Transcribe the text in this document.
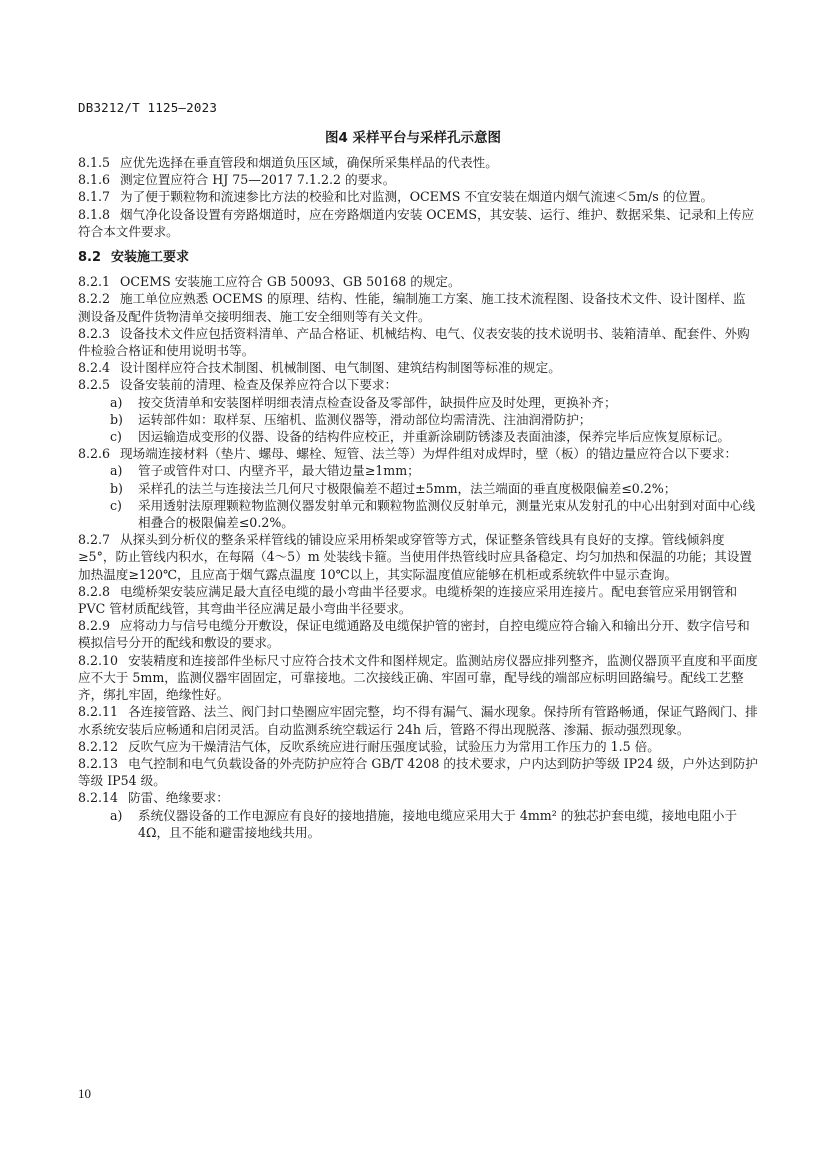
DB3212/T 1125—2023
图4 采样平台与采样孔示意图

8.1.5 应优先选择在垂直管段和烟道负压区域，确保所采集样品的代表性。

8.1.6 测定位置应符合 HJ 75—2017 7.1.2.2 的要求。

8.1.7 为了便于颗粒物和流速参比方法的校验和比对监测，OCEMS 不宜安装在烟道内烟气流速＜5m/s 的位置。

8.1.8 烟气净化设备设置有旁路烟道时，应在旁路烟道内安装 OCEMS，其安装、运行、维护、数据采集、记录和上传应符合本文件要求。

8.2 安装施工要求

8.2.1 OCEMS 安装施工应符合 GB 50093、GB 50168 的规定。

8.2.2 施工单位应熟悉 OCEMS 的原理、结构、性能，编制施工方案、施工技术流程图、设备技术文件、设计图样、监测设备及配件货物清单交接明细表、施工安全细则等有关文件。

8.2.3 设备技术文件应包括资料清单、产品合格证、机械结构、电气、仪表安装的技术说明书、装箱清单、配套件、外购件检验合格证和使用说明书等。

8.2.4 设计图样应符合技术制图、机械制图、电气制图、建筑结构制图等标准的规定。

8.2.5 设备安装前的清理、检查及保养应符合以下要求：

a)	按交货清单和安装图样明细表清点检查设备及零部件，缺损件应及时处理，更换补齐；
b)	运转部件如：取样泵、压缩机、监测仪器等，滑动部位均需清洗、注油润滑防护；
c)	因运输造成变形的仪器、设备的结构件应校正，并重新涂刷防锈漆及表面油漆，保养完毕后应恢复原标记。

8.2.6 现场端连接材料（垫片、螺母、螺栓、短管、法兰等）为焊件组对成焊时，壁（板）的错边量应符合以下要求：

a)	管子或管件对口、内壁齐平，最大错边量≥1mm；
b)	采样孔的法兰与连接法兰几何尺寸极限偏差不超过±5mm，法兰端面的垂直度极限偏差≤0.2%；
c)	采用透射法原理颗粒物监测仪器发射单元和颗粒物监测仪反射单元，测量光束从发射孔的中心出射到对面中心线相叠合的极限偏差≤0.2%。

8.2.7 从探头到分析仪的整条采样管线的铺设应采用桥架或穿管等方式，保证整条管线具有良好的支撑。管线倾斜度≥5°，防止管线内积水，在每隔（4～5）m 处装线卡箍。当使用伴热管线时应具备稳定、均匀加热和保温的功能；其设置加热温度≥120℃，且应高于烟气露点温度 10℃以上，其实际温度值应能够在机柜或系统软件中显示查询。

8.2.8 电缆桥架安装应满足最大直径电缆的最小弯曲半径要求。电缆桥架的连接应采用连接片。配电套管应采用钢管和 PVC 管材质配线管，其弯曲半径应满足最小弯曲半径要求。

8.2.9 应将动力与信号电缆分开敷设，保证电缆通路及电缆保护管的密封，自控电缆应符合输入和输出分开、数字信号和模拟信号分开的配线和敷设的要求。

8.2.10 安装精度和连接部件坐标尺寸应符合技术文件和图样规定。监测站房仪器应排列整齐，监测仪器顶平直度和平面度应不大于 5mm，监测仪器牢固固定，可靠接地。二次接线正确、牢固可靠，配导线的端部应标明回路编号。配线工艺整齐，绑扎牢固，绝缘性好。

8.2.11 各连接管路、法兰、阀门封口垫圈应牢固完整，均不得有漏气、漏水现象。保持所有管路畅通，保证气路阀门、排水系统安装后应畅通和启闭灵活。自动监测系统空载运行 24h 后，管路不得出现脱落、渗漏、振动强烈现象。

8.2.12 反吹气应为干燥清洁气体，反吹系统应进行耐压强度试验，试验压力为常用工作压力的 1.5 倍。

8.2.13 电气控制和电气负载设备的外壳防护应符合 GB/T 4208 的技术要求，户内达到防护等级 IP24 级，户外达到防护等级 IP54 级。

8.2.14 防雷、绝缘要求：

a)	系统仪器设备的工作电源应有良好的接地措施，接地电缆应采用大于 4mm² 的独芯护套电缆，接地电阻小于 4Ω，且不能和避雷接地线共用。
10
